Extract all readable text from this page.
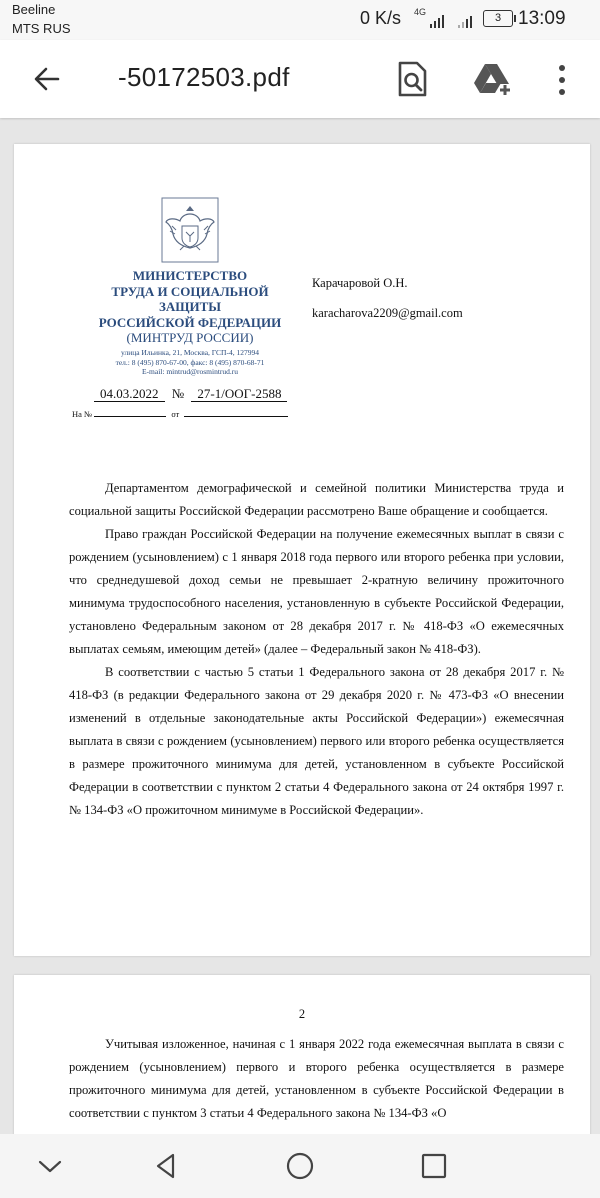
Beeline
MTS RUS
0 K/s 4G	3 13:09
-50172503.pdf
МИНИСТЕРСТВО
ТРУДА И СОЦИАЛЬНОЙ
ЗАЩИТЫ
РОССИЙСКОЙ ФЕДЕРАЦИИ
(МИНТРУД РОССИИ)
улица Ильинка, 21, Москва, ГСП-4, 127994
тел.: 8 (495) 870-67-00, факс: 8 (495) 870-68-71
E-mail: mintrud@rosmintrud.ru
Карачаровой О.Н.
karacharova2209@gmail.com
04.03.2022 № 27-1/ООГ-2588
На №	от

Департаментом демографической и семейной политики Министерства труда и социальной защиты Российской Федерации рассмотрено Ваше обращение и сообщается.

Право граждан Российской Федерации на получение ежемесячных выплат в связи с рождением (усыновлением) с 1 января 2018 года первого или второго ребенка при условии, что среднедушевой доход семьи не превышает 2-кратную величину прожиточного минимума трудоспособного населения, установленную в субъекте Российской Федерации, установлено Федеральным законом от 28 декабря 2017 г. № 418-ФЗ «О ежемесячных выплатах семьям, имеющим детей» (далее – Федеральный закон № 418-ФЗ).

В соответствии с частью 5 статьи 1 Федерального закона от 28 декабря 2017 г. № 418-ФЗ (в редакции Федерального закона от 29 декабря 2020 г. № 473-ФЗ «О внесении изменений в отдельные законодательные акты Российской Федерации») ежемесячная выплата в связи с рождением (усыновлением) первого или второго ребенка осуществляется в размере прожиточного минимума для детей, установленном в субъекте Российской Федерации в соответствии с пунктом 2 статьи 4 Федерального закона от 24 октября 1997 г. № 134-ФЗ «О прожиточном минимуме в Российской Федерации».

2

Учитывая изложенное, начиная с 1 января 2022 года ежемесячная выплата в связи с рождением (усыновлением) первого и второго ребенка осуществляется в размере прожиточного минимума для детей, установленном в субъекте Российской Федерации в соответствии с пунктом 3 статьи 4 Федерального закона № 134-ФЗ «О
